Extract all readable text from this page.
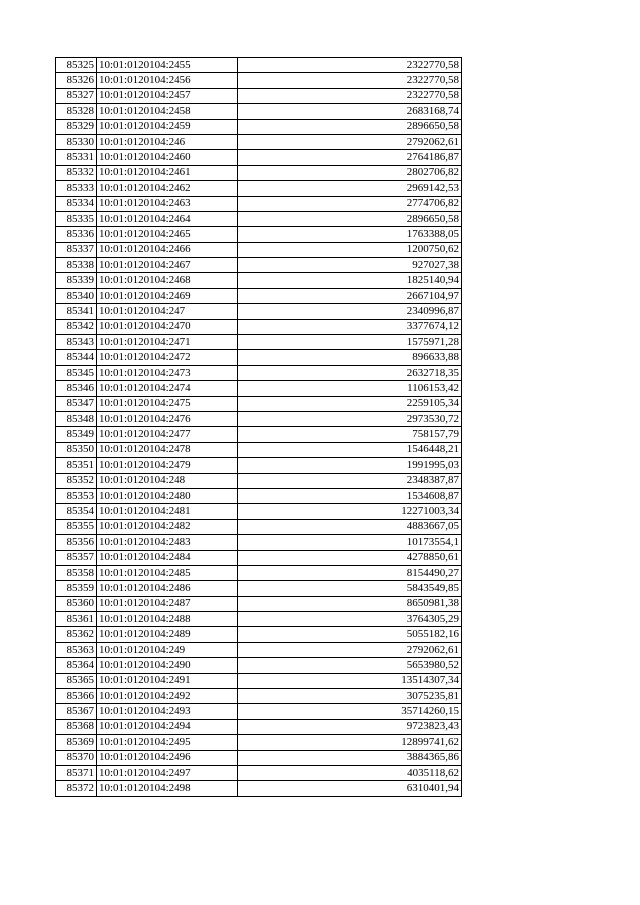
85325	10:01:0120104:2455	2322770,58
85326	10:01:0120104:2456	2322770,58
85327	10:01:0120104:2457	2322770,58
85328	10:01:0120104:2458	2683168,74
85329	10:01:0120104:2459	2896650,58
85330	10:01:0120104:246	2792062,61
85331	10:01:0120104:2460	2764186,87
85332	10:01:0120104:2461	2802706,82
85333	10:01:0120104:2462	2969142,53
85334	10:01:0120104:2463	2774706,82
85335	10:01:0120104:2464	2896650,58
85336	10:01:0120104:2465	1763388,05
85337	10:01:0120104:2466	1200750,62
85338	10:01:0120104:2467	927027,38
85339	10:01:0120104:2468	1825140,94
85340	10:01:0120104:2469	2667104,97
85341	10:01:0120104:247	2340996,87
85342	10:01:0120104:2470	3377674,12
85343	10:01:0120104:2471	1575971,28
85344	10:01:0120104:2472	896633,88
85345	10:01:0120104:2473	2632718,35
85346	10:01:0120104:2474	1106153,42
85347	10:01:0120104:2475	2259105,34
85348	10:01:0120104:2476	2973530,72
85349	10:01:0120104:2477	758157,79
85350	10:01:0120104:2478	1546448,21
85351	10:01:0120104:2479	1991995,03
85352	10:01:0120104:248	2348387,87
85353	10:01:0120104:2480	1534608,87
85354	10:01:0120104:2481	12271003,34
85355	10:01:0120104:2482	4883667,05
85356	10:01:0120104:2483	10173554,1
85357	10:01:0120104:2484	4278850,61
85358	10:01:0120104:2485	8154490,27
85359	10:01:0120104:2486	5843549,85
85360	10:01:0120104:2487	8650981,38
85361	10:01:0120104:2488	3764305,29
85362	10:01:0120104:2489	5055182,16
85363	10:01:0120104:249	2792062,61
85364	10:01:0120104:2490	5653980,52
85365	10:01:0120104:2491	13514307,34
85366	10:01:0120104:2492	3075235,81
85367	10:01:0120104:2493	35714260,15
85368	10:01:0120104:2494	9723823,43
85369	10:01:0120104:2495	12899741,62
85370	10:01:0120104:2496	3884365,86
85371	10:01:0120104:2497	4035118,62
85372	10:01:0120104:2498	6310401,94
